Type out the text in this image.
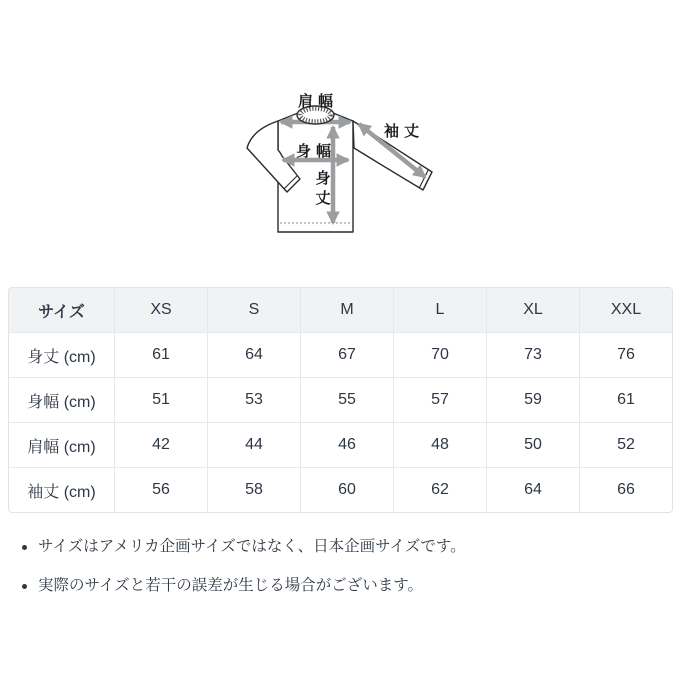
肩幅
袖丈
身幅
身丈
サイズ	XS	S	M	L	XL	XXL
身丈 (cm)	61	64	67	70	73	76
身幅 (cm)	51	53	55	57	59	61
肩幅 (cm)	42	44	46	48	50	52
袖丈 (cm)	56	58	60	62	64	66
サイズはアメリカ企画サイズではなく、日本企画サイズです。
実際のサイズと若干の誤差が生じる場合がございます。
